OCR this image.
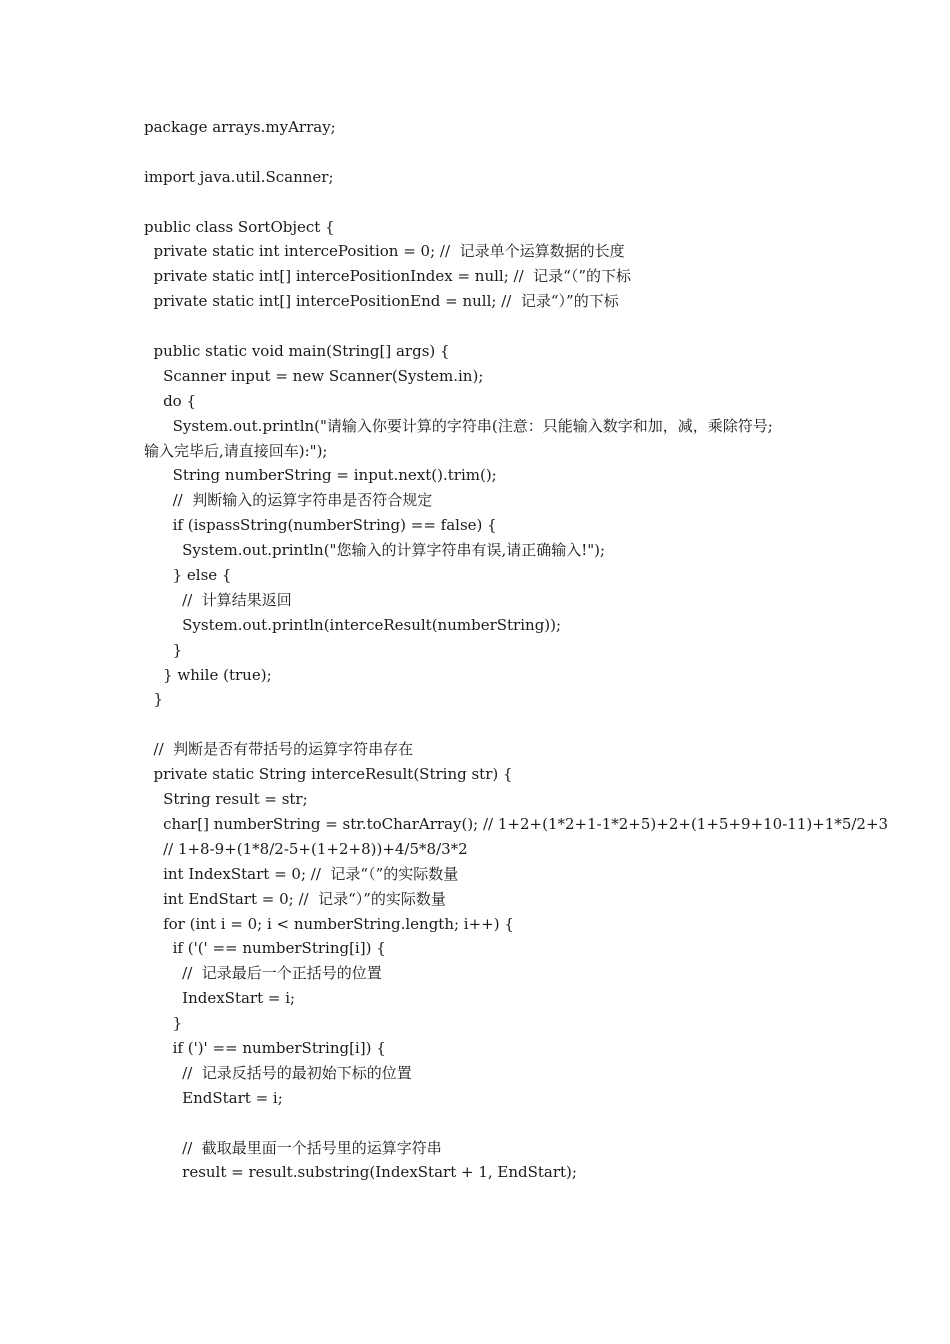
package arrays.myArray;
import java.util.Scanner;
public class SortObject {
private static int intercePosition = 0; //  记录单个运算数据的长度
private static int[] intercePositionIndex = null; //  记录“（”的下标
private static int[] intercePositionEnd = null; //  记录“）”的下标
public static void main(String[] args) {
Scanner input = new Scanner(System.in);
do {
System.out.println("请输入你要计算的字符串(注意：只能输入数字和加，减，乘除符号;
输入完毕后,请直接回车):");
String numberString = input.next().trim();
//  判断输入的运算字符串是否符合规定
if (ispassString(numberString) == false) {
System.out.println("您输入的计算字符串有误,请正确输入!");
} else {
//  计算结果返回
System.out.println(interceResult(numberString));
}
} while (true);
}
//  判断是否有带括号的运算字符串存在
private static String interceResult(String str) {
String result = str;
char[] numberString = str.toCharArray(); // 1+2+(1*2+1-1*2+5)+2+(1+5+9+10-11)+1*5/2+3
// 1+8-9+(1*8/2-5+(1+2+8))+4/5*8/3*2
int IndexStart = 0; //  记录“（”的实际数量
int EndStart = 0; //  记录“）”的实际数量
for (int i = 0; i < numberString.length; i++) {
if ('(' == numberString[i]) {
//  记录最后一个正括号的位置
IndexStart = i;
}
if (')' == numberString[i]) {
//  记录反括号的最初始下标的位置
EndStart = i;
//  截取最里面一个括号里的运算字符串
result = result.substring(IndexStart + 1, EndStart);
